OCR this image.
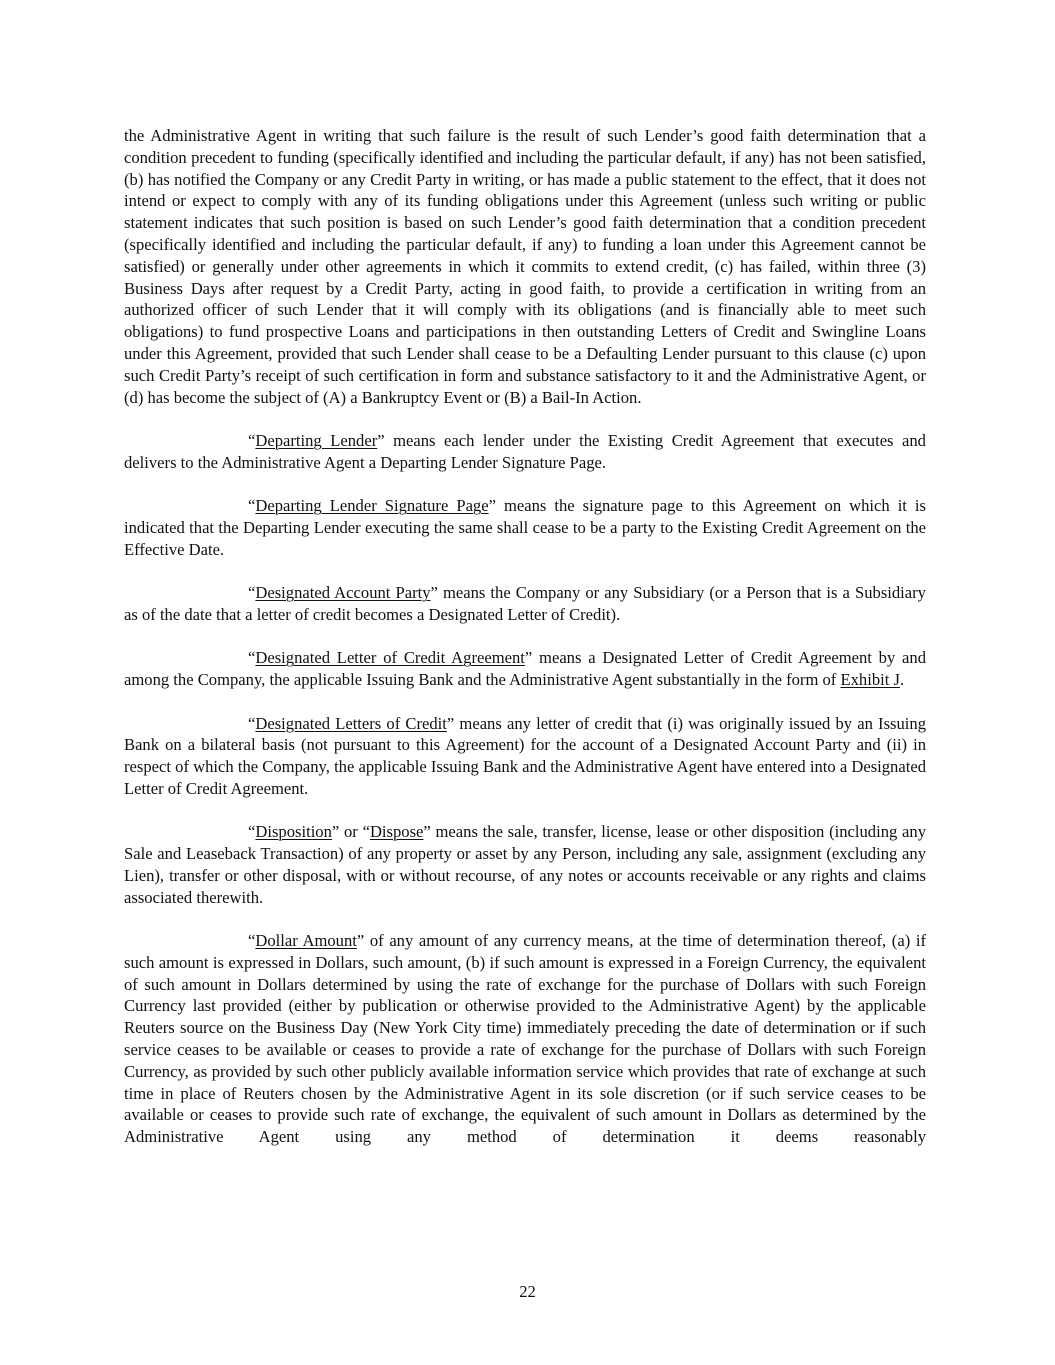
the Administrative Agent in writing that such failure is the result of such Lender’s good faith determination that a condition precedent to funding (specifically identified and including the particular default, if any) has not been satisfied, (b) has notified the Company or any Credit Party in writing, or has made a public statement to the effect, that it does not intend or expect to comply with any of its funding obligations under this Agreement (unless such writing or public statement indicates that such position is based on such Lender’s good faith determination that a condition precedent (specifically identified and including the particular default, if any) to funding a loan under this Agreement cannot be satisfied) or generally under other agreements in which it commits to extend credit, (c) has failed, within three (3) Business Days after request by a Credit Party, acting in good faith, to provide a certification in writing from an authorized officer of such Lender that it will comply with its obligations (and is financially able to meet such obligations) to fund prospective Loans and participations in then outstanding Letters of Credit and Swingline Loans under this Agreement, provided that such Lender shall cease to be a Defaulting Lender pursuant to this clause (c) upon such Credit Party’s receipt of such certification in form and substance satisfactory to it and the Administrative Agent, or (d) has become the subject of (A) a Bankruptcy Event or (B) a Bail-In Action.

“Departing Lender” means each lender under the Existing Credit Agreement that executes and delivers to the Administrative Agent a Departing Lender Signature Page.

“Departing Lender Signature Page” means the signature page to this Agreement on which it is indicated that the Departing Lender executing the same shall cease to be a party to the Existing Credit Agreement on the Effective Date.

“Designated Account Party” means the Company or any Subsidiary (or a Person that is a Subsidiary as of the date that a letter of credit becomes a Designated Letter of Credit).

“Designated Letter of Credit Agreement” means a Designated Letter of Credit Agreement by and among the Company, the applicable Issuing Bank and the Administrative Agent substantially in the form of Exhibit J.

“Designated Letters of Credit” means any letter of credit that (i) was originally issued by an Issuing Bank on a bilateral basis (not pursuant to this Agreement) for the account of a Designated Account Party and (ii) in respect of which the Company, the applicable Issuing Bank and the Administrative Agent have entered into a Designated Letter of Credit Agreement.

“Disposition” or “Dispose” means the sale, transfer, license, lease or other disposition (including any Sale and Leaseback Transaction) of any property or asset by any Person, including any sale, assignment (excluding any Lien), transfer or other disposal, with or without recourse, of any notes or accounts receivable or any rights and claims associated therewith.

“Dollar Amount” of any amount of any currency means, at the time of determination thereof, (a) if such amount is expressed in Dollars, such amount, (b) if such amount is expressed in a Foreign Currency, the equivalent of such amount in Dollars determined by using the rate of exchange for the purchase of Dollars with such Foreign Currency last provided (either by publication or otherwise provided to the Administrative Agent) by the applicable Reuters source on the Business Day (New York City time) immediately preceding the date of determination or if such service ceases to be available or ceases to provide a rate of exchange for the purchase of Dollars with such Foreign Currency, as provided by such other publicly available information service which provides that rate of exchange at such time in place of Reuters chosen by the Administrative Agent in its sole discretion (or if such service ceases to be available or ceases to provide such rate of exchange, the equivalent of such amount in Dollars as determined by the Administrative Agent using any method of determination it deems reasonably

22
